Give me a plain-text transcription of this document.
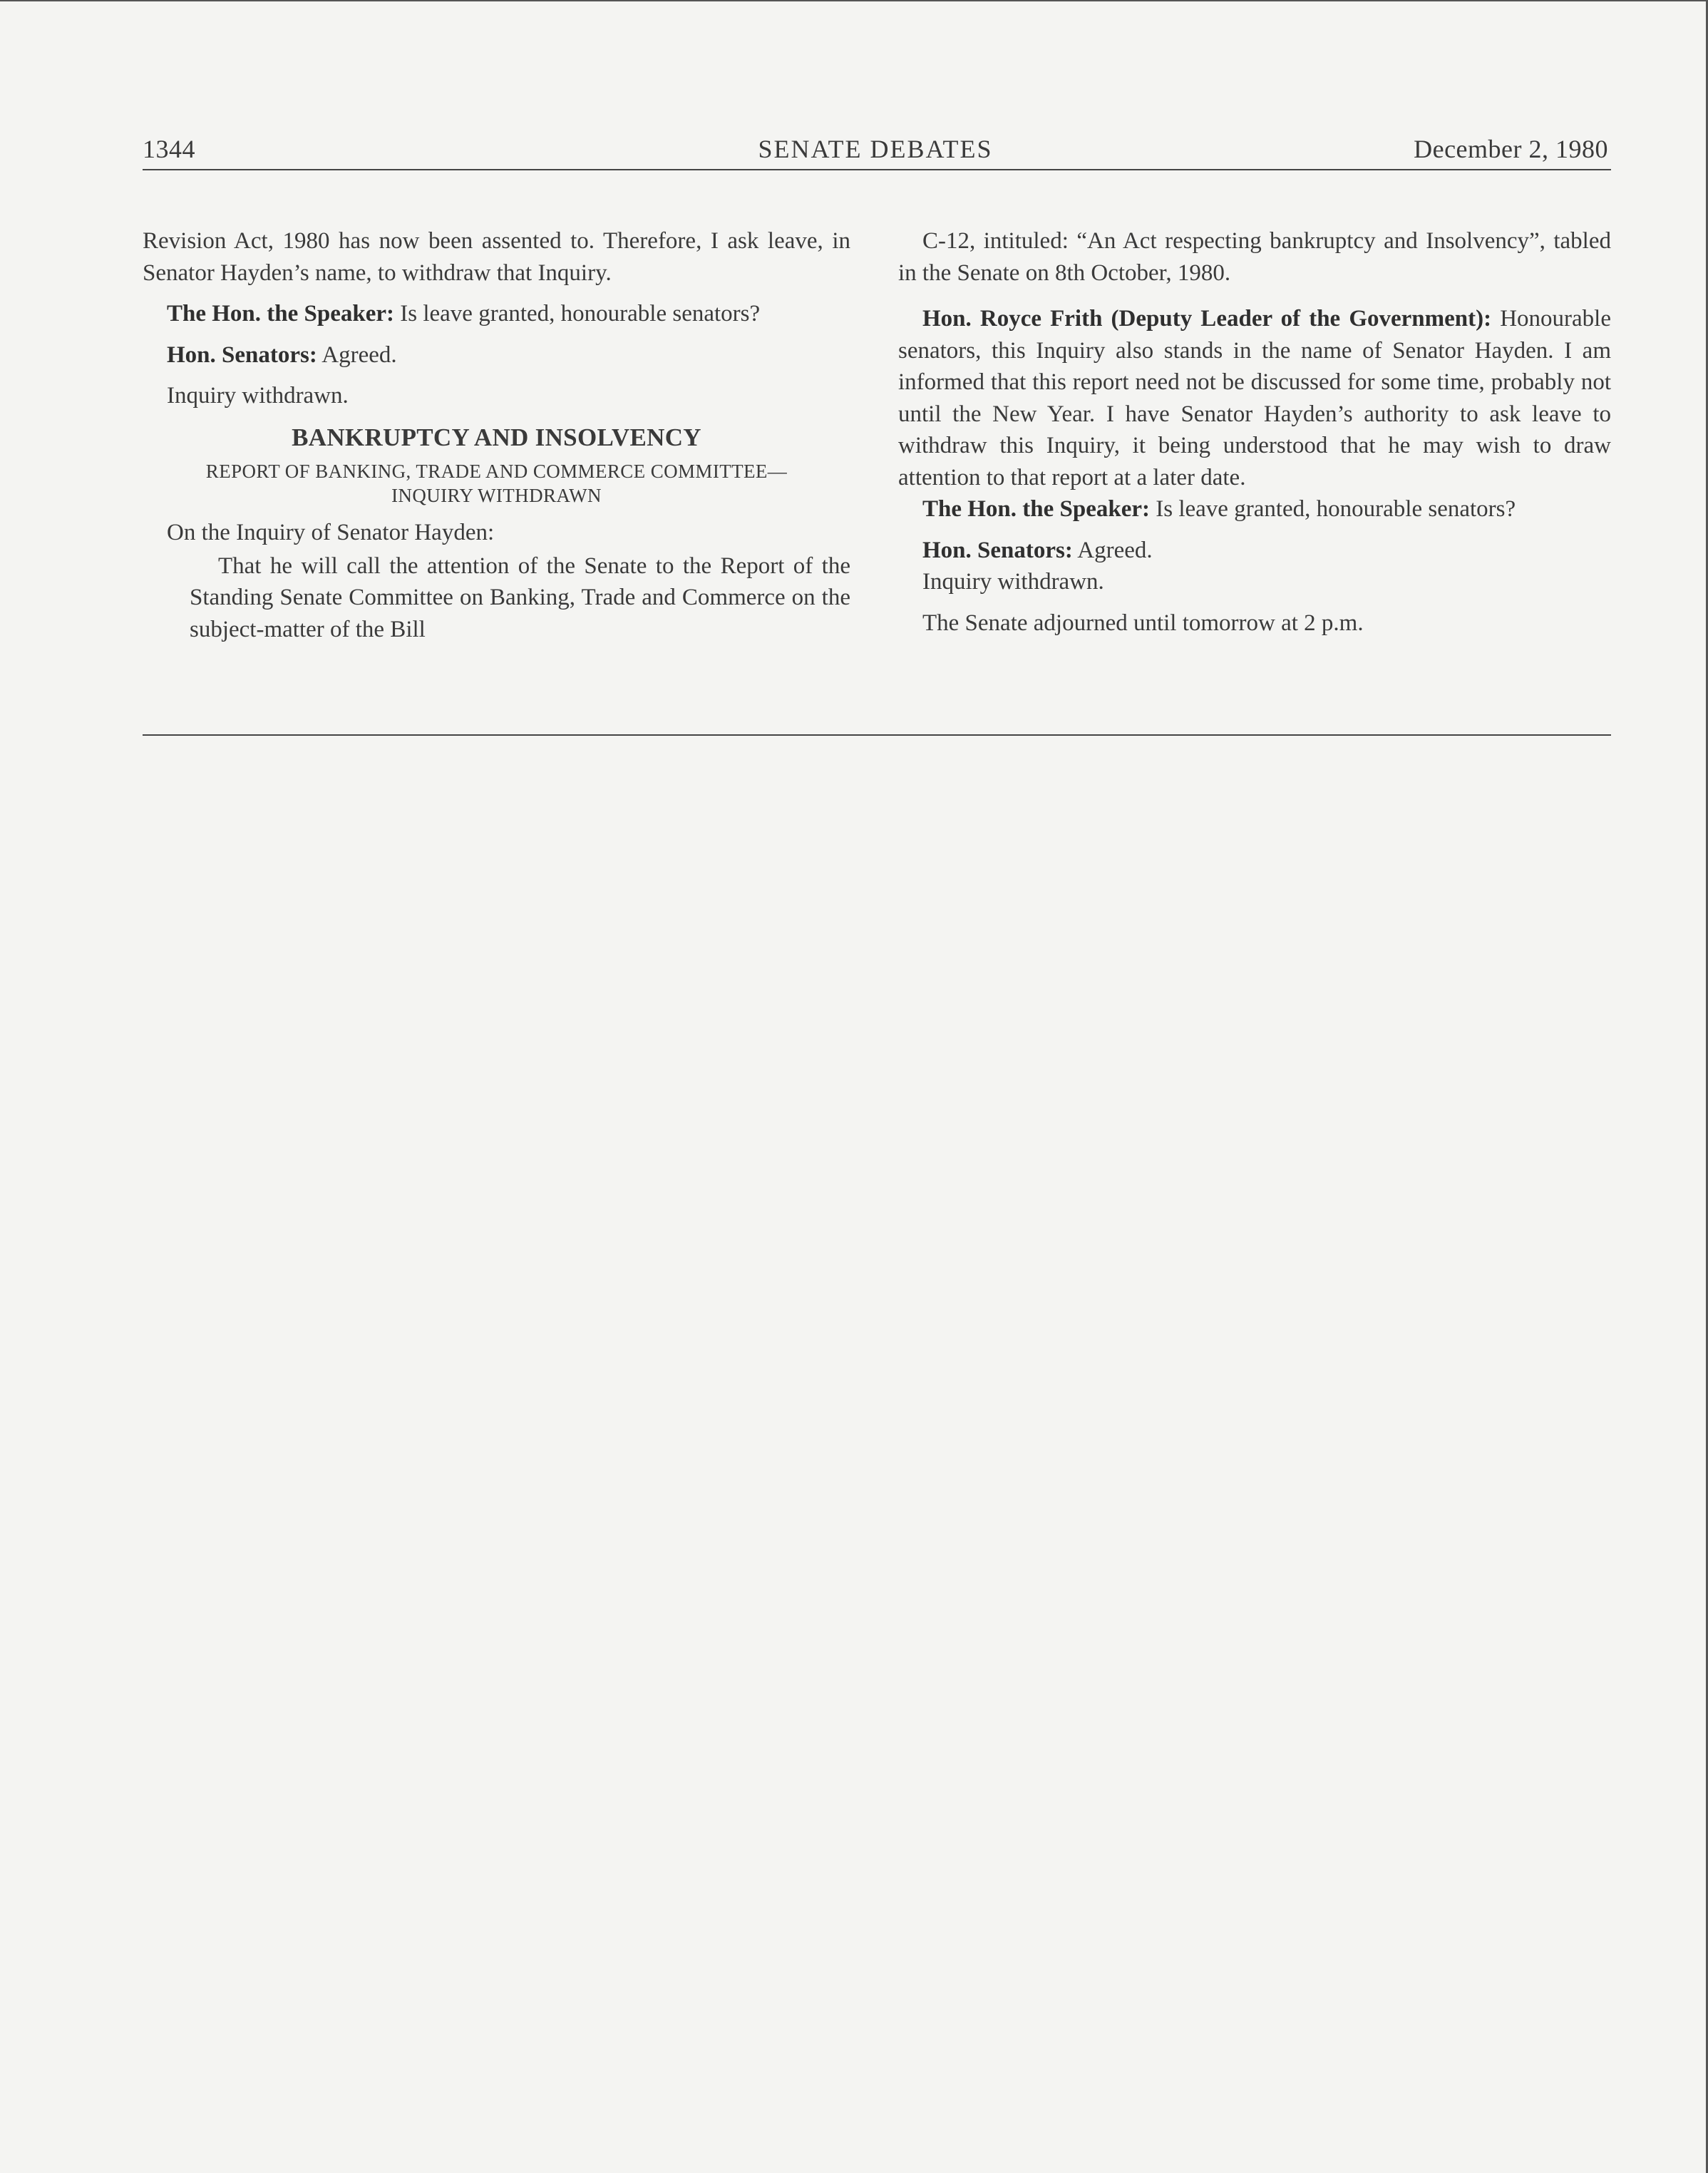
1344	SENATE DEBATES	December 2, 1980

Revision Act, 1980 has now been assented to. Therefore, I ask leave, in Senator Hayden’s name, to withdraw that Inquiry.

The Hon. the Speaker: Is leave granted, honourable senators?

Hon. Senators: Agreed.

Inquiry withdrawn.

BANKRUPTCY AND INSOLVENCY

REPORT OF BANKING, TRADE AND COMMERCE COMMITTEE—
INQUIRY WITHDRAWN

On the Inquiry of Senator Hayden:

That he will call the attention of the Senate to the Report of the Standing Senate Committee on Banking, Trade and Commerce on the subject-matter of the Bill

C-12, intituled: “An Act respecting bankruptcy and Insolvency”, tabled in the Senate on 8th October, 1980.

Hon. Royce Frith (Deputy Leader of the Government): Honourable senators, this Inquiry also stands in the name of Senator Hayden. I am informed that this report need not be discussed for some time, probably not until the New Year. I have Senator Hayden’s authority to ask leave to withdraw this Inquiry, it being understood that he may wish to draw attention to that report at a later date.

The Hon. the Speaker: Is leave granted, honourable senators?

Hon. Senators: Agreed.

Inquiry withdrawn.

The Senate adjourned until tomorrow at 2 p.m.
